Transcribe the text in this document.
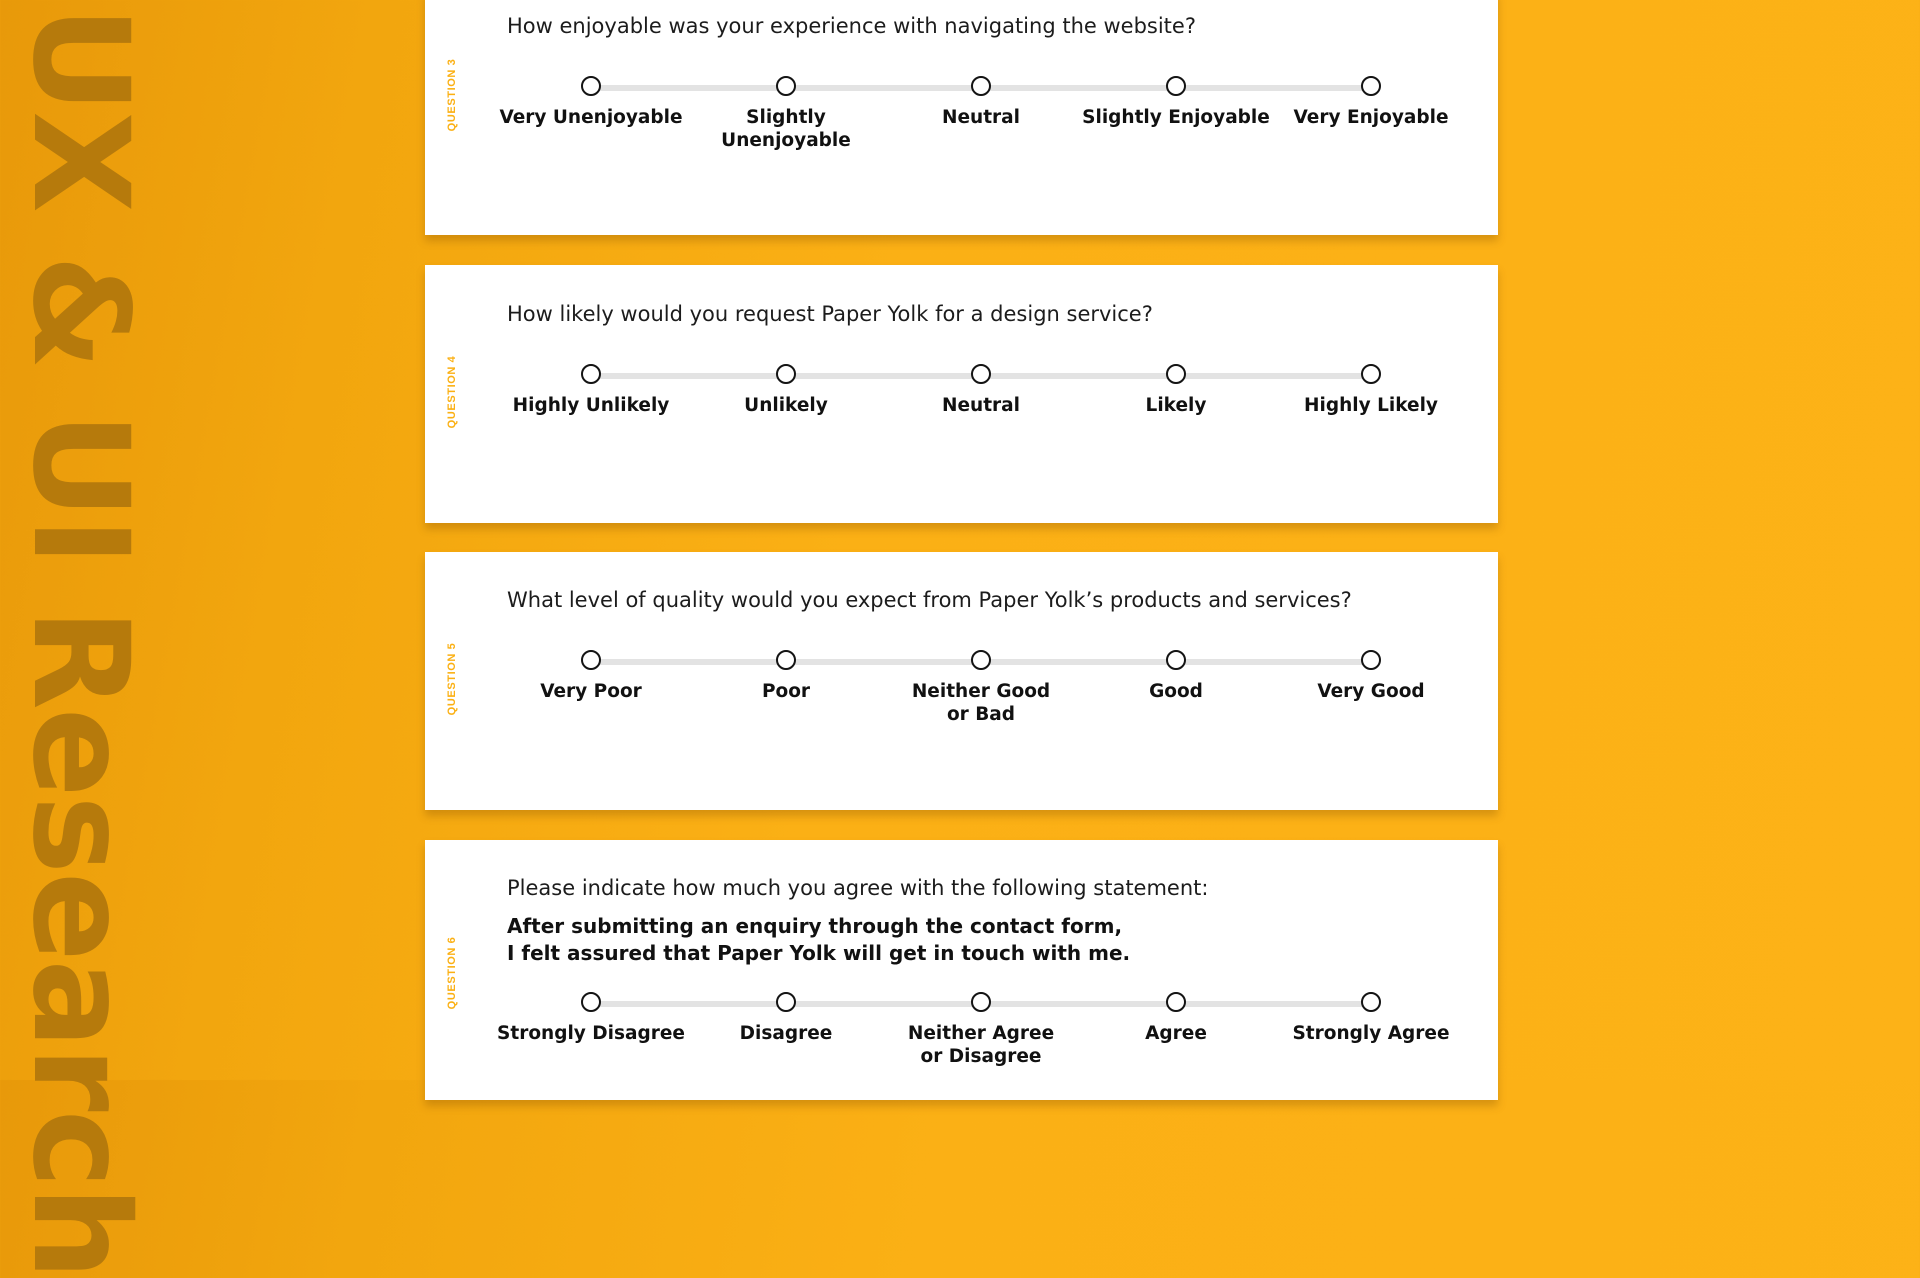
UX & UI Research	QUESTION 3
How enjoyable was your experience with navigating the website?
Very Unenjoyable	Slightly Unenjoyable
Neutral	Slightly Enjoyable	Very Enjoyable
QUESTION 4
How likely would you request Paper Yolk for a design service?
Highly Unlikely	Unlikely	Neutral	Likely	Highly Likely
QUESTION 5
What level of quality would you expect from Paper Yolk’s products and services?
Very Poor	Poor	Neither Good or Bad
Good	Very Good
QUESTION 6
Please indicate how much you agree with the following statement:
After submitting an enquiry through the contact form,
I felt assured that Paper Yolk will get in touch with me.
Strongly Disagree	Disagree	Neither Agree or Disagree
Agree	Strongly Agree
